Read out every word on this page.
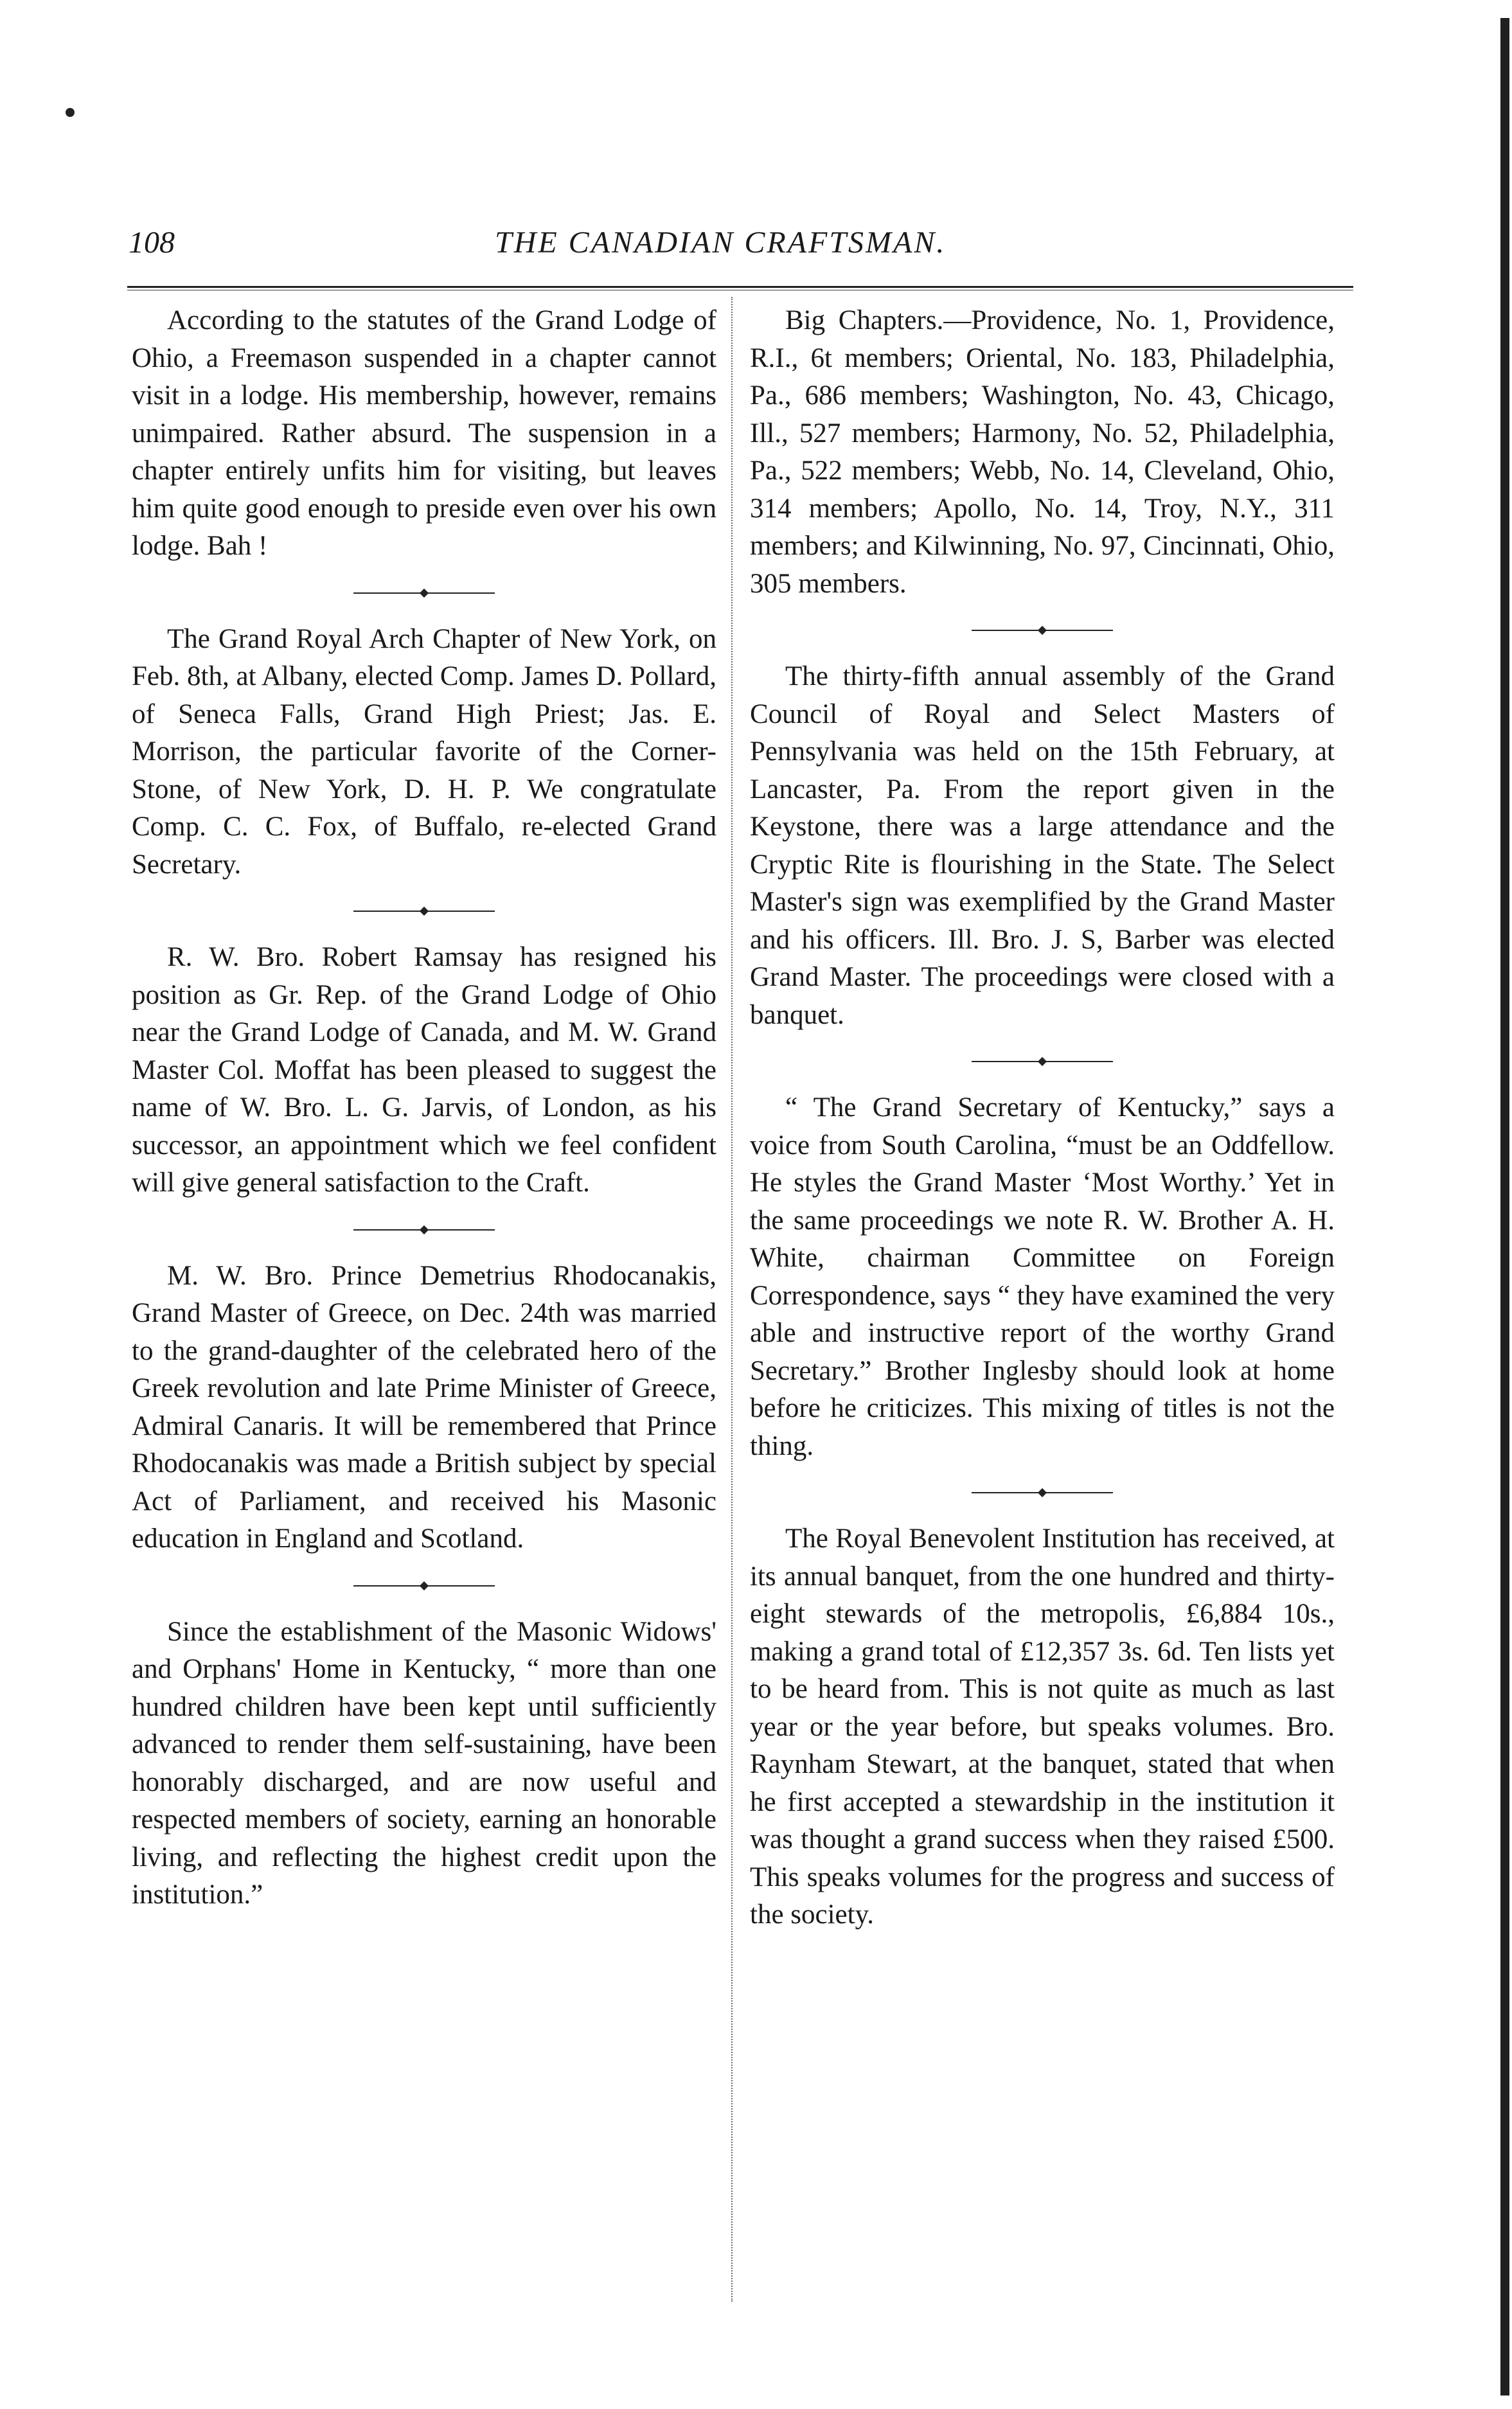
108	THE CANADIAN CRAFTSMAN.

According to the statutes of the Grand Lodge of Ohio, a Freemason suspended in a chapter cannot visit in a lodge. His membership, however, remains unimpaired. Rather absurd. The suspension in a chapter entirely unfits him for visiting, but leaves him quite good enough to preside even over his own lodge. Bah !

The Grand Royal Arch Chapter of New York, on Feb. 8th, at Albany, elected Comp. James D. Pollard, of Seneca Falls, Grand High Priest; Jas. E. Morrison, the particular favorite of the Corner-Stone, of New York, D. H. P. We congratulate Comp. C. C. Fox, of Buffalo, re-elected Grand Secretary.

R. W. Bro. Robert Ramsay has resigned his position as Gr. Rep. of the Grand Lodge of Ohio near the Grand Lodge of Canada, and M. W. Grand Master Col. Moffat has been pleased to suggest the name of W. Bro. L. G. Jarvis, of London, as his successor, an appointment which we feel confident will give general satisfaction to the Craft.

M. W. Bro. Prince Demetrius Rhodocanakis, Grand Master of Greece, on Dec. 24th was married to the grand-daughter of the celebrated hero of the Greek revolution and late Prime Minister of Greece, Admiral Canaris. It will be remembered that Prince Rhodocanakis was made a British subject by special Act of Parliament, and received his Masonic education in England and Scotland.

Since the establishment of the Masonic Widows' and Orphans' Home in Kentucky, “ more than one hundred children have been kept until sufficiently advanced to render them self-sustaining, have been honorably discharged, and are now useful and respected members of society, earning an honorable living, and reflecting the highest credit upon the institution.”

Big Chapters.—Providence, No. 1, Providence, R.I., 6t members; Oriental, No. 183, Philadelphia, Pa., 686 members; Washington, No. 43, Chicago, Ill., 527 members; Harmony, No. 52, Philadelphia, Pa., 522 members; Webb, No. 14, Cleveland, Ohio, 314 members; Apollo, No. 14, Troy, N.Y., 311 members; and Kilwinning, No. 97, Cincinnati, Ohio, 305 members.

The thirty-fifth annual assembly of the Grand Council of Royal and Select Masters of Pennsylvania was held on the 15th February, at Lancaster, Pa. From the report given in the Keystone, there was a large attendance and the Cryptic Rite is flourishing in the State. The Select Master's sign was exemplified by the Grand Master and his officers. Ill. Bro. J. S, Barber was elected Grand Master. The proceedings were closed with a banquet.

“ The Grand Secretary of Kentucky,” says a voice from South Carolina, “must be an Oddfellow. He styles the Grand Master ‘Most Worthy.’ Yet in the same proceedings we note R. W. Brother A. H. White, chairman Committee on Foreign Correspondence, says “ they have examined the very able and instructive report of the worthy Grand Secretary.” Brother Inglesby should look at home before he criticizes. This mixing of titles is not the thing.

The Royal Benevolent Institution has received, at its annual banquet, from the one hundred and thirty-eight stewards of the metropolis, £6,884 10s., making a grand total of £12,357 3s. 6d. Ten lists yet to be heard from. This is not quite as much as last year or the year before, but speaks volumes. Bro. Raynham Stewart, at the banquet, stated that when he first accepted a stewardship in the institution it was thought a grand success when they raised £500. This speaks volumes for the progress and success of the society.
